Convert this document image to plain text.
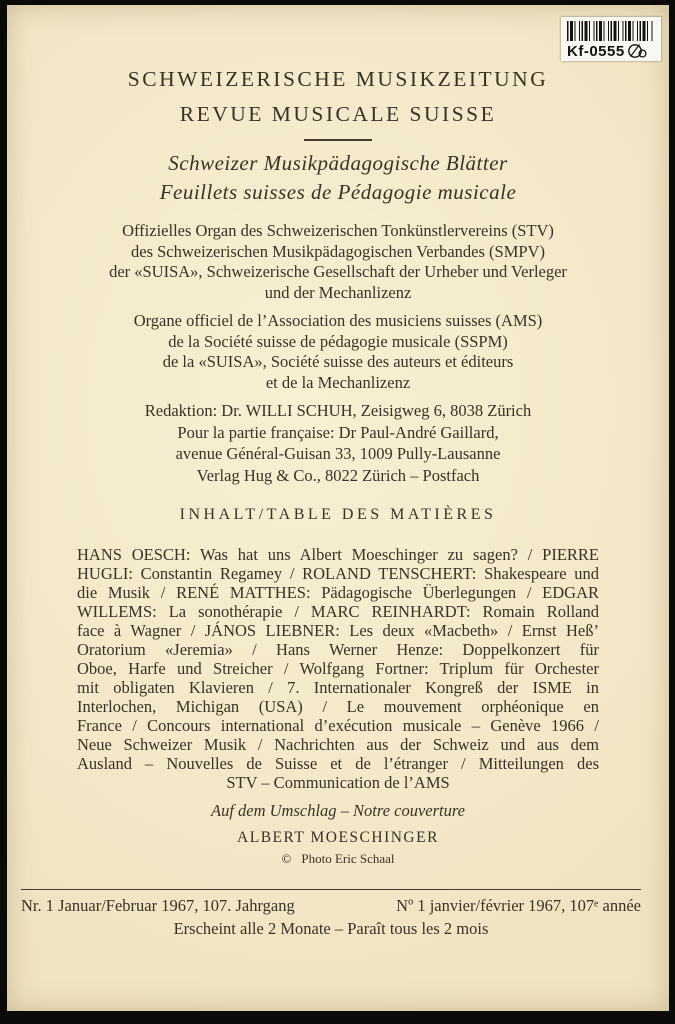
Kf-0555
SCHWEIZERISCHE MUSIKZEITUNG
REVUE MUSICALE SUISSE
Schweizer Musikpädagogische Blätter
Feuillets suisses de Pédagogie musicale
Offizielles Organ des Schweizerischen Tonkünstlervereins (STV)
des Schweizerischen Musikpädagogischen Verbandes (SMPV)
der «SUISA», Schweizerische Gesellschaft der Urheber und Verleger
und der Mechanlizenz
Organe officiel de l’Association des musiciens suisses (AMS)
de la Société suisse de pédagogie musicale (SSPM)
de la «SUISA», Société suisse des auteurs et éditeurs
et de la Mechanlizenz
Redaktion: Dr. WILLI SCHUH, Zeisigweg 6, 8038 Zürich
Pour la partie française: Dr Paul-André Gaillard,
avenue Général-Guisan 33, 1009 Pully-Lausanne
Verlag Hug & Co., 8022 Zürich – Postfach
INHALT/TABLE DES MATIÈRES
HANS OESCH: Was hat uns Albert Moeschinger zu sagen? / PIERRE
HUGLI: Constantin Regamey / ROLAND TENSCHERT: Shakespeare und
die Musik / RENÉ MATTHES: Pädagogische Überlegungen / EDGAR
WILLEMS: La sonothérapie / MARC REINHARDT: Romain Rolland
face à Wagner / JÁNOS LIEBNER: Les deux «Macbeth» / Ernst Heß’
Oratorium «Jeremia» / Hans Werner Henze: Doppelkonzert für
Oboe, Harfe und Streicher / Wolfgang Fortner: Triplum für Orchester
mit obligaten Klavieren / 7. Internationaler Kongreß der ISME in
Interlochen, Michigan (USA) / Le mouvement orphéonique en
France / Concours international d’exécution musicale – Genève 1966 /
Neue Schweizer Musik / Nachrichten aus der Schweiz und aus dem
Ausland – Nouvelles de Suisse et de l’étranger / Mitteilungen des
STV – Communication de l’AMS
Auf dem Umschlag – Notre couverture
ALBERT MOESCHINGER
© Photo Eric Schaal
Nr. 1 Januar/Februar 1967, 107. Jahrgang	Nº 1 janvier/février 1967, 107ᵉ année
Erscheint alle 2 Monate – Paraît tous les 2 mois
